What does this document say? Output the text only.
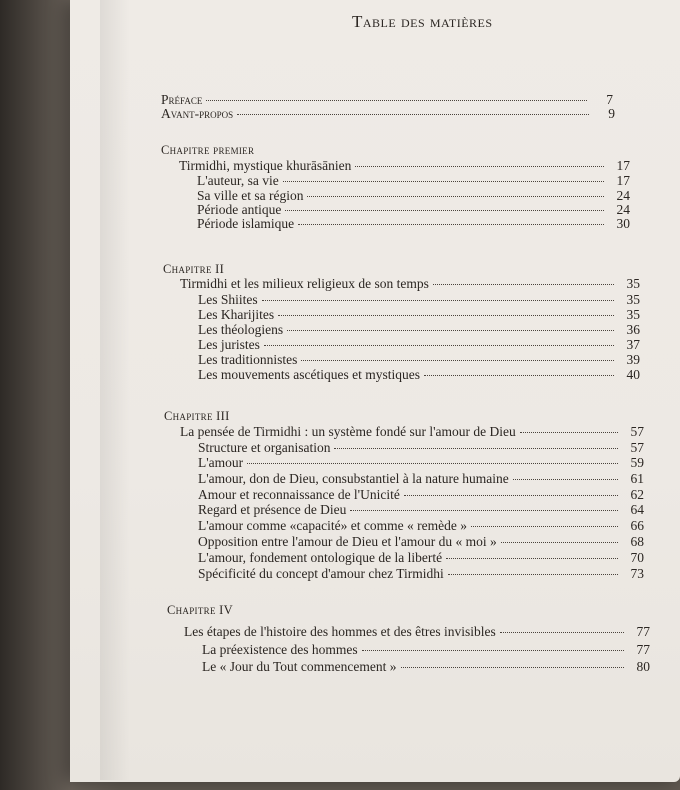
Table des matières
Préface	7
Avant-propos	9
Chapitre premier
Tirmidhi, mystique khurāsānien	17
L'auteur, sa vie	17
Sa ville et sa région	24
Période antique	24
Période islamique	30
Chapitre II
Tirmidhi et les milieux religieux de son temps	35
Les Shiites	35
Les Kharijites	35
Les théologiens	36
Les juristes	37
Les traditionnistes	39
Les mouvements ascétiques et mystiques	40
Chapitre III
La pensée de Tirmidhi : un système fondé sur l'amour de Dieu	57
Structure et organisation	57
L'amour	59
L'amour, don de Dieu, consubstantiel à la nature humaine	61
Amour et reconnaissance de l'Unicité	62
Regard et présence de Dieu	64
L'amour comme «capacité» et comme « remède »	66
Opposition entre l'amour de Dieu et l'amour du « moi »	68
L'amour, fondement ontologique de la liberté	70
Spécificité du concept d'amour chez Tirmidhi	73
Chapitre IV
Les étapes de l'histoire des hommes et des êtres invisibles	77
La préexistence des hommes	77
Le « Jour du Tout commencement »	80
